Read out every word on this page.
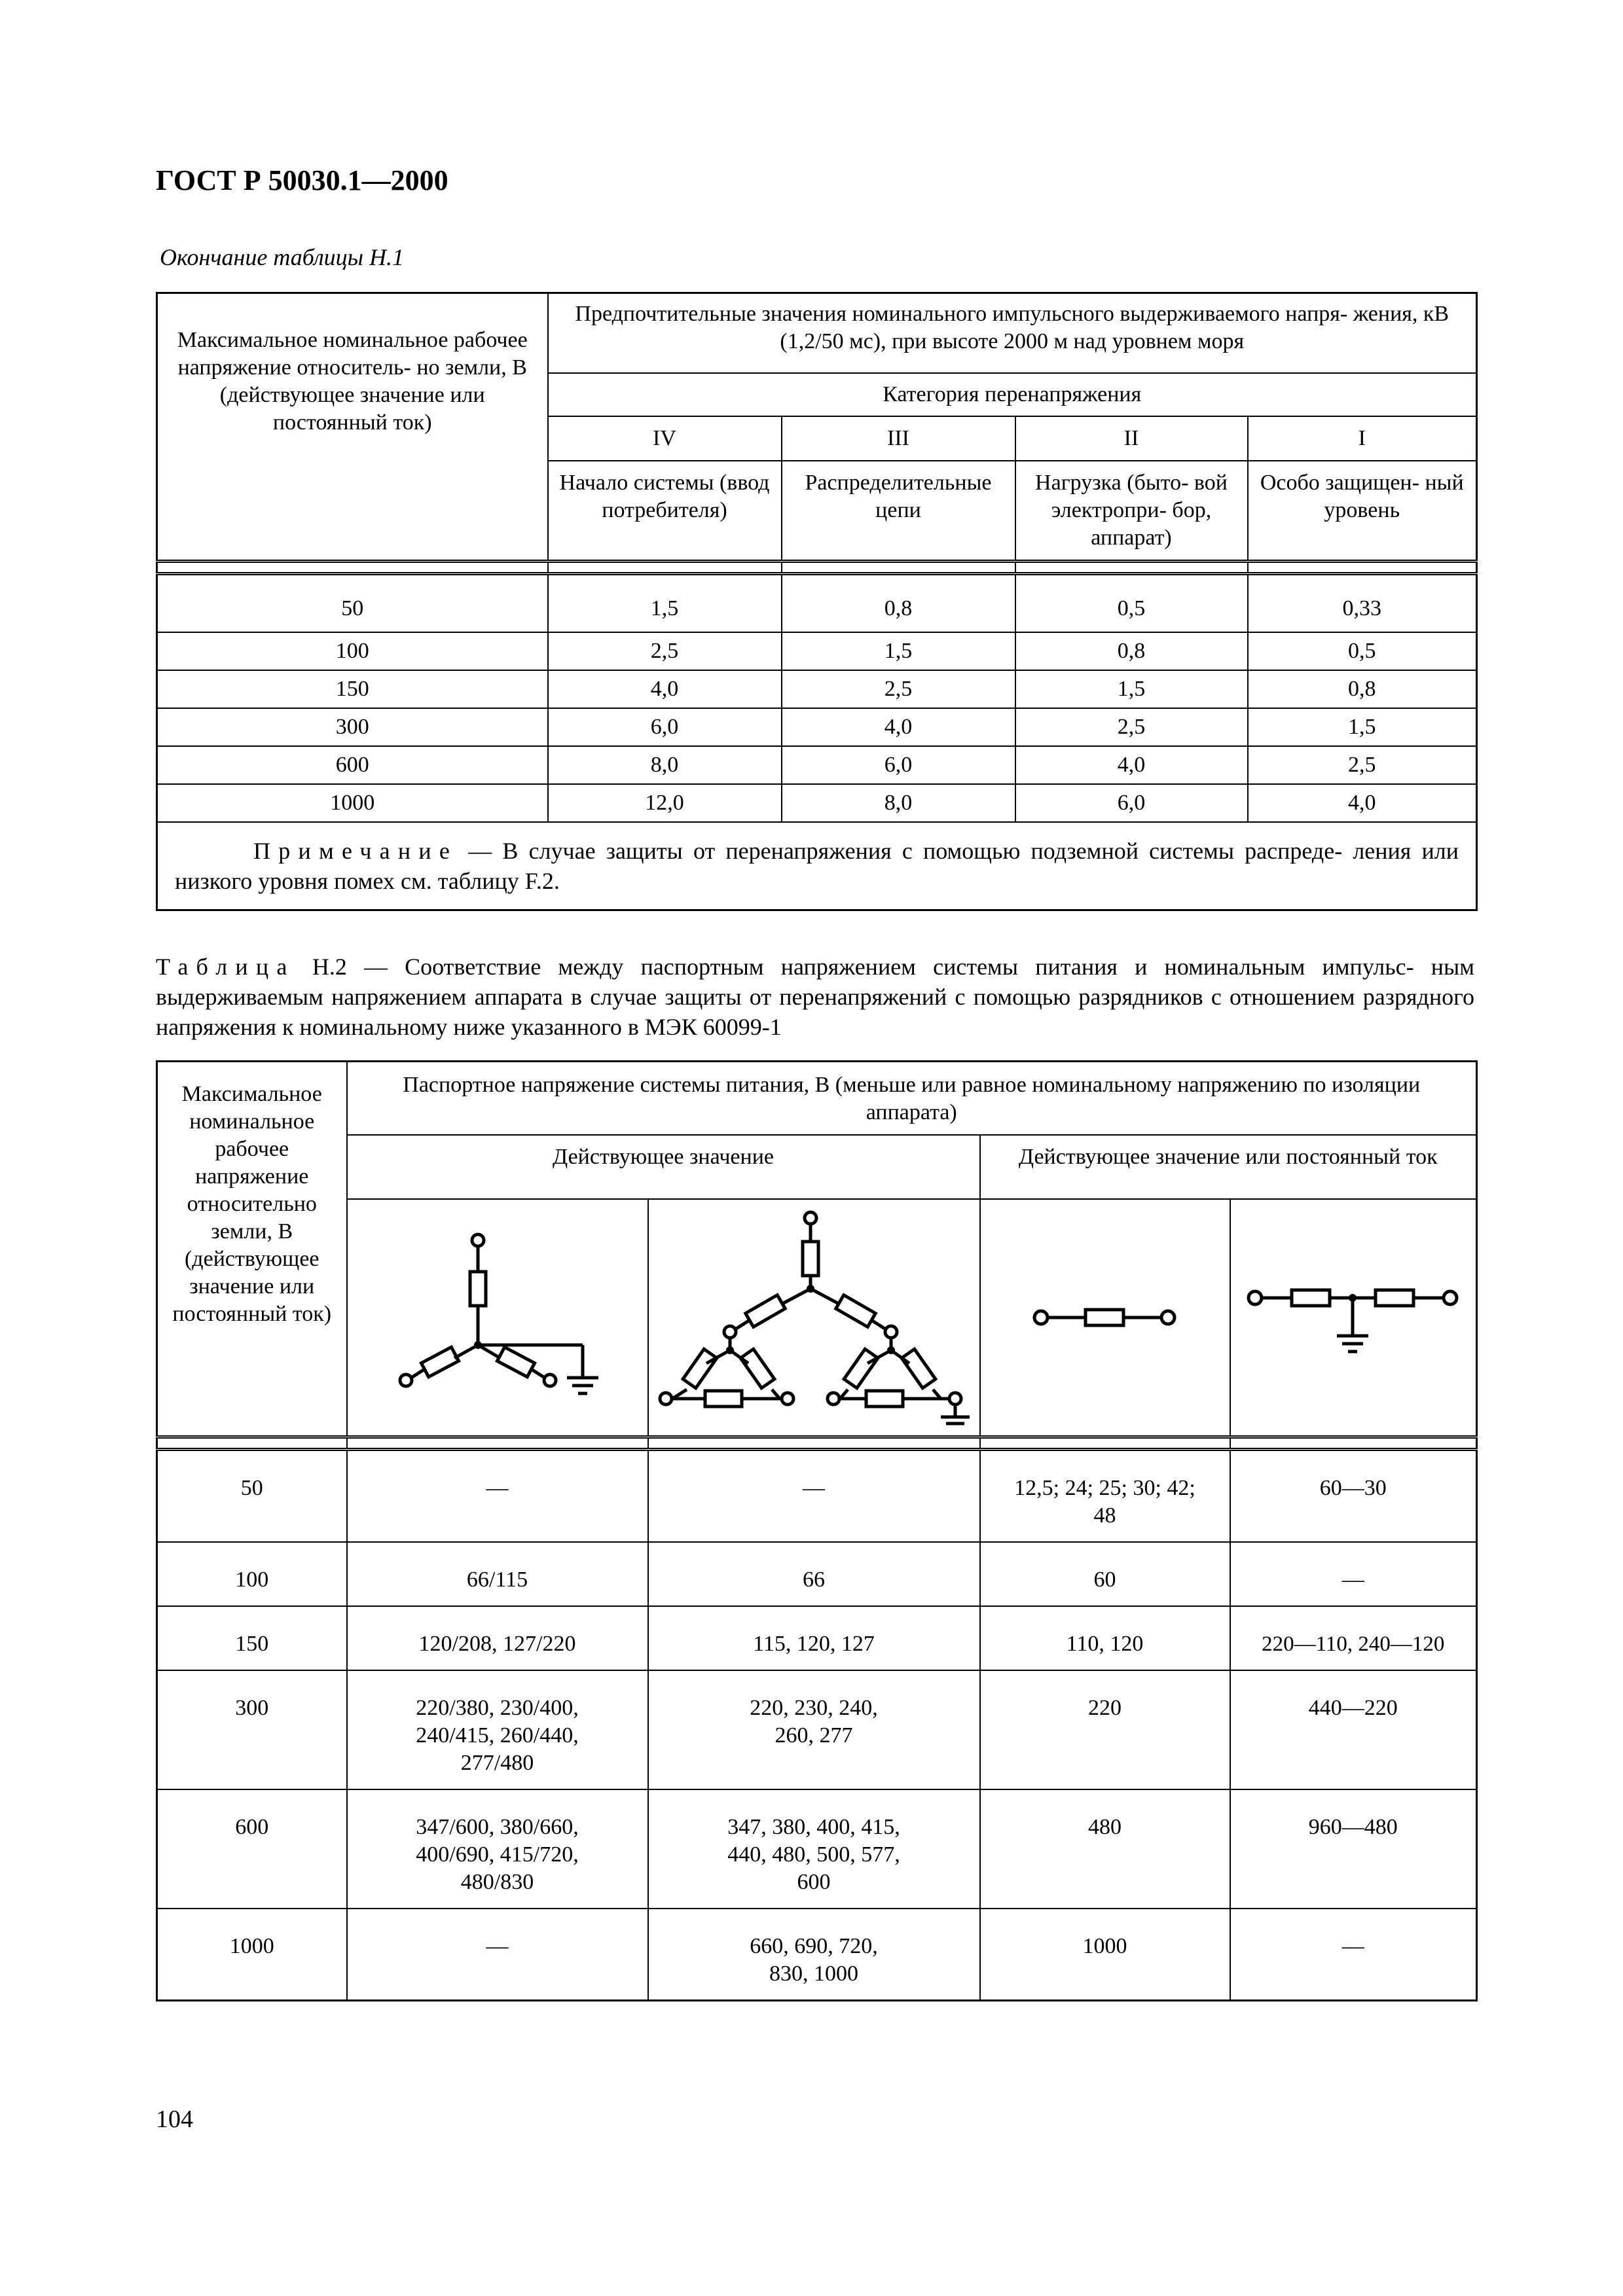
ГОСТ Р 50030.1—2000
Окончание таблицы Н.1
Максимальное номинальное рабочее напряжение относитель- но земли, В (действующее значение или постоянный ток)	Предпочтительные значения номинального импульсного выдерживаемого напря- жения, кВ (1,2/50 мс), при высоте 2000 м над уровнем моря			
	Категория перенапряжения			
	IV	III	II	I
	Начало системы (ввод потребителя)	Распределительные цепи	Нагрузка (быто- вой электропри- бор, аппарат)	Особо защищен- ный уровень

50	1,5	0,8	0,5	0,33
100	2,5	1,5	0,8	0,5
150	4,0	2,5	1,5	0,8
300	6,0	4,0	2,5	1,5
600	8,0	6,0	4,0	2,5
1000	12,0	8,0	6,0	4,0
Примечание — В случае защиты от перенапряжения с помощью подземной системы распреде- ления или низкого уровня помех см. таблицу F.2.				
Таблица Н.2 — Соответствие между паспортным напряжением системы питания и номинальным импульс- ным выдерживаемым напряжением аппарата в случае защиты от перенапряжений с помощью разрядников с отношением разрядного напряжения к номинальному ниже указанного в МЭК 60099-1
Максимальное номинальное рабочее напряжение относительно земли, В (действующее значение или постоянный ток)	Паспортное напряжение системы питания, В (меньше или равное номинальному напряжению по изоляции аппарата)			
	Действующее значение		Действующее значение или постоянный ток	

50	—	—	12,5; 24; 25; 30; 42; 48	60—30
100	66/115	66	60	—
150	120/208, 127/220	115, 120, 127	110, 120	220—110, 240—120
300	220/380, 230/400, 240/415, 260/440, 277/480	220, 230, 240, 260, 277	220	440—220
600	347/600, 380/660, 400/690, 415/720, 480/830	347, 380, 400, 415, 440, 480, 500, 577, 600	480	960—480
1000	—	660, 690, 720, 830, 1000	1000	—
104
